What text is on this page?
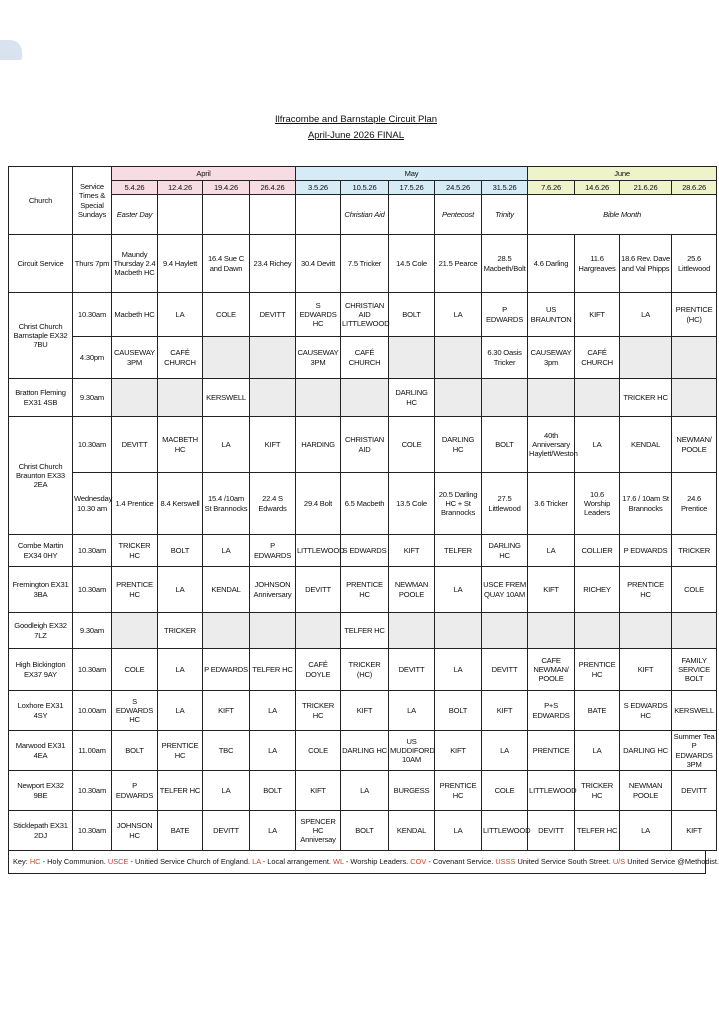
Ilfracombe and Barnstaple Circuit Plan
April-June 2026 FINAL
Church	Service Times & Special Sundays	April				May					June			
		5.4.26	12.4.26	19.4.26	26.4.26	3.5.26	10.5.26	17.5.26	24.5.26	31.5.26	7.6.26	14.6.26	21.6.26	28.6.26
		Easter Day					Christian Aid		Pentecost	Trinity	Bible Month			
Circuit Service	Thurs 7pm	Maundy Thursday 2.4 Macbeth HC	9.4 Haylett	16.4 Sue C and Dawn	23.4 Richey	30.4 Devitt	7.5 Tricker	14.5 Cole	21.5 Pearce	28.5 Macbeth/Bolt	4.6 Darling	11.6 Hargreaves	18.6 Rev. Dave and Val Phipps	25.6 Littlewood
Christ Church Barnstaple EX32 7BU	10.30am	Macbeth HC	LA	COLE	DEVITT	S EDWARDS HC	CHRISTIAN AID LITTLEWOOD	BOLT	LA	P EDWARDS	US BRAUNTON	KIFT	LA	PRENTICE (HC)
	4.30pm	CAUSEWAY 3PM	CAFÉ CHURCH			CAUSEWAY 3PM	CAFÉ CHURCH			6.30 Oasis Tricker	CAUSEWAY 3pm	CAFÉ CHURCH		
Bratton Fleming EX31 4SB	9.30am			KERSWELL				DARLING HC					TRICKER HC	
Christ Church Braunton EX33 2EA	10.30am	DEVITT	MACBETH HC	LA	KIFT	HARDING	CHRISTIAN AID	COLE	DARLING HC	BOLT	40th Anniversary Haylett/Weston	LA	KENDAL	NEWMAN/ POOLE
	Wednesday 10.30 am	1.4 Prentice	8.4 Kerswell	15.4 /10am St Brannocks	22.4 S Edwards	29.4 Bolt	6.5 Macbeth	13.5 Cole	20.5 Darling HC + St Brannocks	27.5 Littlewood	3.6 Tricker	10.6 Worship Leaders	17.6 / 10am St Brannocks	24.6 Prentice
Combe Martin EX34 0HY	10.30am	TRICKER HC	BOLT	LA	P EDWARDS	LITTLEWOOD	S EDWARDS	KIFT	TELFER	DARLING HC	LA	COLLIER	P EDWARDS	TRICKER
Fremington EX31 3BA	10.30am	PRENTICE HC	LA	KENDAL	JOHNSON Anniversary	DEVITT	PRENTICE HC	NEWMAN POOLE	LA	USCE FREM QUAY 10AM	KIFT	RICHEY	PRENTICE HC	COLE
Goodleigh EX32 7LZ	9.30am		TRICKER				TELFER HC							
High Bickington EX37 9AY	10.30am	COLE	LA	P EDWARDS	TELFER HC	CAFÉ DOYLE	TRICKER (HC)	DEVITT	LA	DEVITT	CAFE NEWMAN/ POOLE	PRENTICE HC	KIFT	FAMILY SERVICE BOLT
Loxhore EX31 4SY	10.00am	S EDWARDS HC	LA	KIFT	LA	TRICKER HC	KIFT	LA	BOLT	KIFT	P+S EDWARDS	BATE	S EDWARDS HC	KERSWELL
Marwood EX31 4EA	11.00am	BOLT	PRENTICE HC	TBC	LA	COLE	DARLING HC	US MUDDIFORD 10AM	KIFT	LA	PRENTICE	LA	DARLING HC	Summer Tea P EDWARDS 3PM
Newport EX32 9BE	10.30am	P EDWARDS	TELFER HC	LA	BOLT	KIFT	LA	BURGESS	PRENTICE HC	COLE	LITTLEWOOD	TRICKER HC	NEWMAN POOLE	DEVITT
Sticklepath EX31 2DJ	10.30am	JOHNSON HC	BATE	DEVITT	LA	SPENCER HC Anniversay	BOLT	KENDAL	LA	LITTLEWOOD	DEVITT	TELFER HC	LA	KIFT
Key: HC - Holy Communion. USCE - Unitied Service Church of England. LA - Local arrangement. WL - Worship Leaders. COV - Covenant Service. USSS United Service South Street. U/S United Service @Methodist.
